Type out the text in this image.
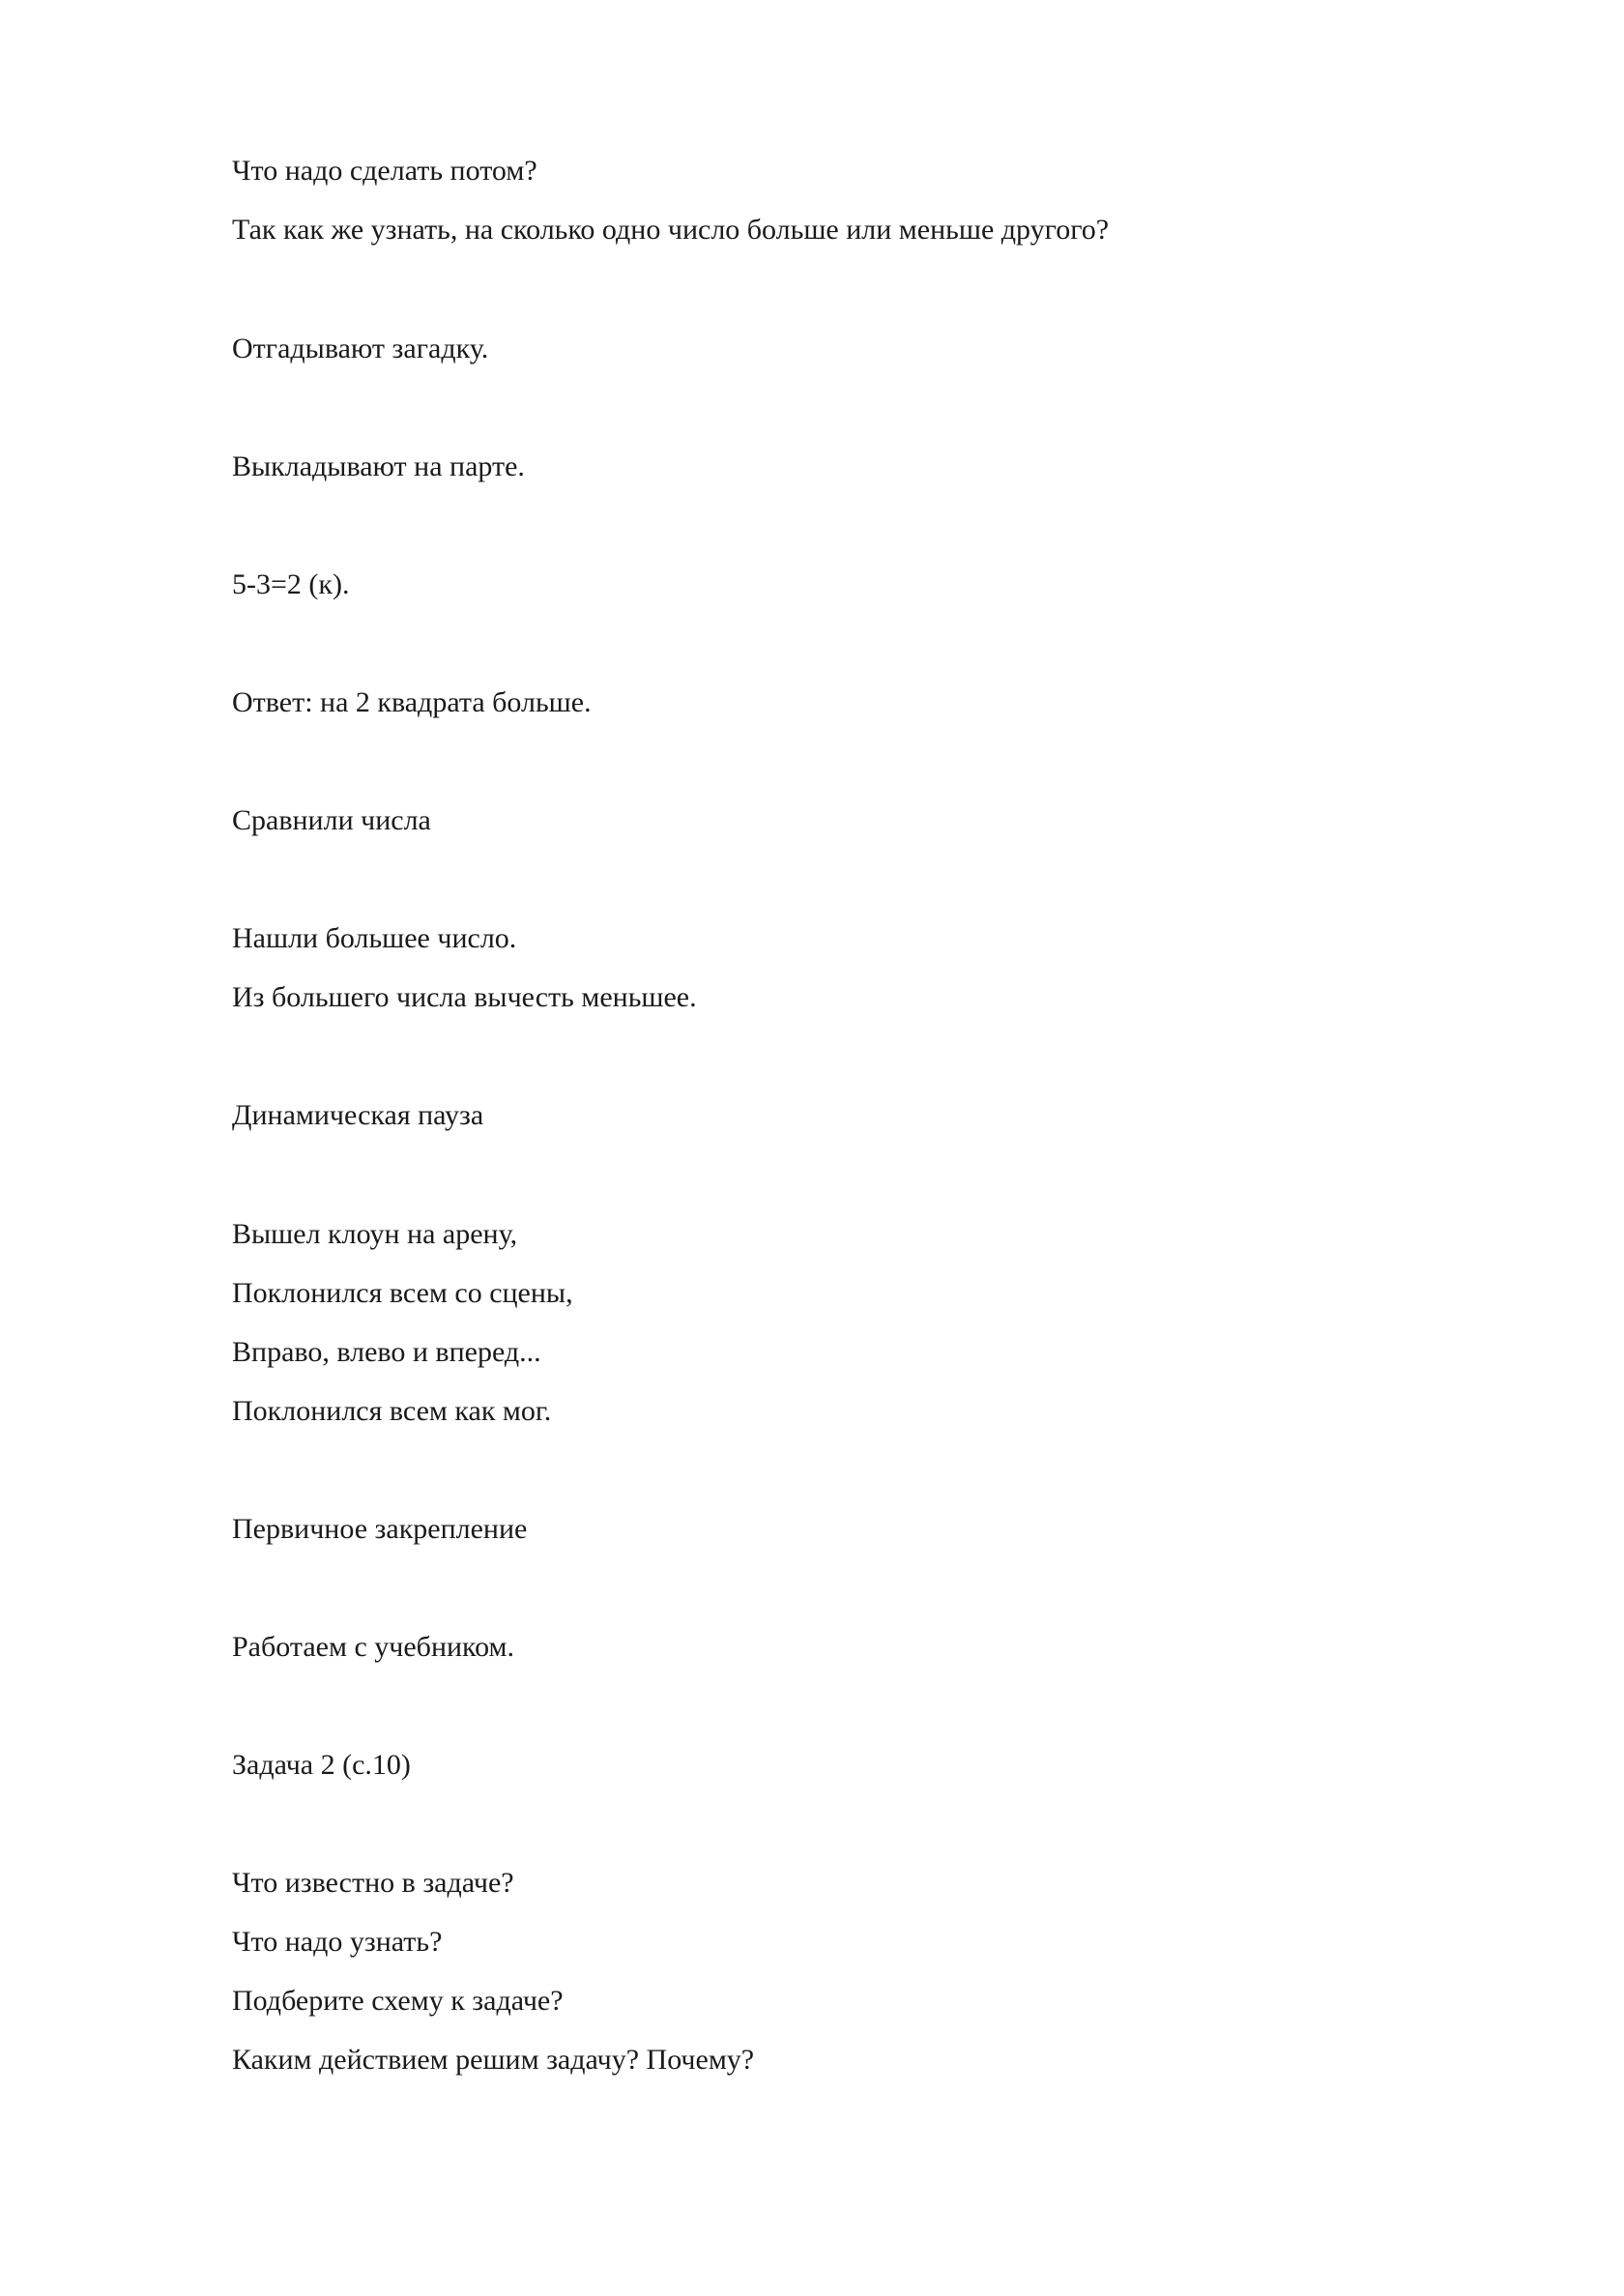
Что надо сделать потом?

Так как же узнать, на сколько одно число больше или меньше другого?

Отгадывают загадку.

Выкладывают на парте.

5-3=2 (к).

Ответ: на 2 квадрата больше.

Сравнили числа

Нашли большее число.

Из большего числа вычесть меньшее.

Динамическая пауза

Вышел клоун на арену,

Поклонился всем со сцены,

Вправо, влево и вперед...

Поклонился всем как мог.

Первичное закрепление

Работаем с учебником.

Задача 2 (с.10)

Что известно в задаче?

Что надо узнать?

Подберите схему к задаче?

Каким действием решим задачу? Почему?
